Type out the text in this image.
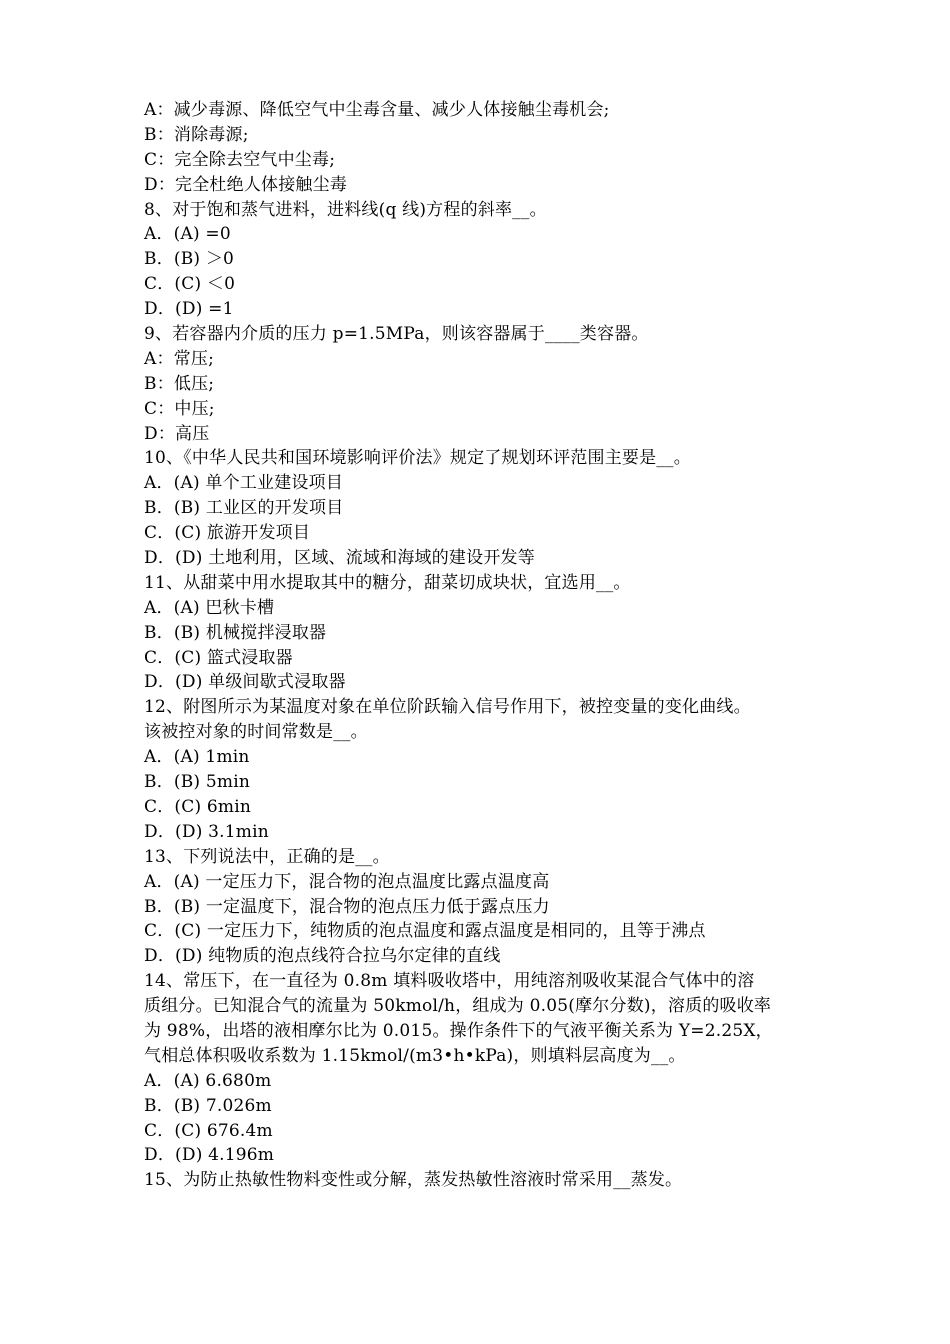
A：减少毒源、降低空气中尘毒含量、减少人体接触尘毒机会;
B：消除毒源;
C：完全除去空气中尘毒;
D：完全杜绝人体接触尘毒
8、对于饱和蒸气进料，进料线(q 线)方程的斜率__。
A．(A) =0
B．(B) ＞0
C．(C) ＜0
D．(D) =1
9、若容器内介质的压力 p=1.5MPa，则该容器属于____类容器。
A：常压;
B：低压;
C：中压;
D：高压
10、《中华人民共和国环境影响评价法》规定了规划环评范围主要是__。
A．(A) 单个工业建设项目
B．(B) 工业区的开发项目
C．(C) 旅游开发项目
D．(D) 土地利用，区域、流域和海域的建设开发等
11、从甜菜中用水提取其中的糖分，甜菜切成块状，宜选用__。
A．(A) 巴秋卡槽
B．(B) 机械搅拌浸取器
C．(C) 篮式浸取器
D．(D) 单级间歇式浸取器
12、附图所示为某温度对象在单位阶跃输入信号作用下，被控变量的变化曲线。
该被控对象的时间常数是__。
A．(A) 1min
B．(B) 5min
C．(C) 6min
D．(D) 3.1min
13、下列说法中，正确的是__。
A．(A) 一定压力下，混合物的泡点温度比露点温度高
B．(B) 一定温度下，混合物的泡点压力低于露点压力
C．(C) 一定压力下，纯物质的泡点温度和露点温度是相同的，且等于沸点
D．(D) 纯物质的泡点线符合拉乌尔定律的直线
14、常压下，在一直径为 0.8m 填料吸收塔中，用纯溶剂吸收某混合气体中的溶
质组分。已知混合气的流量为 50kmol/h，组成为 0.05(摩尔分数)，溶质的吸收率
为 98%，出塔的液相摩尔比为 0.015。操作条件下的气液平衡关系为 Y=2.25X，
气相总体积吸收系数为 1.15kmol/(m3•h•kPa)，则填料层高度为__。
A．(A) 6.680m
B．(B) 7.026m
C．(C) 676.4m
D．(D) 4.196m
15、为防止热敏性物料变性或分解，蒸发热敏性溶液时常采用__蒸发。
